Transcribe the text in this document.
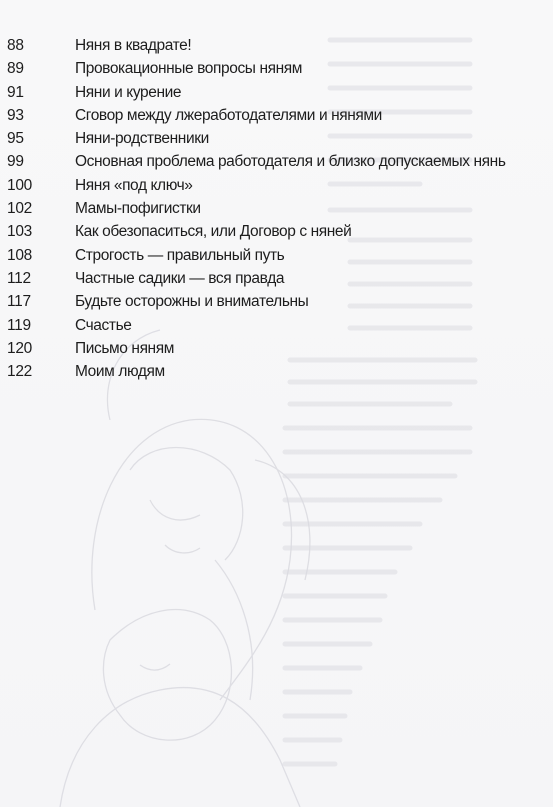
88	Няня в квадрате!
89	Провокационные вопросы няням
91	Няни и курение
93	Сговор между лжеработодателями и нянями
95	Няни-родственники
99	Основная проблема работодателя и близко допускаемых нянь
100	Няня «под ключ»
102	Мамы-пофигистки
103	Как обезопаситься, или Договор с няней
108	Строгость — правильный путь
112	Частные садики — вся правда
117	Будьте осторожны и внимательны
119	Счастье
120	Письмо няням
122	Моим людям
